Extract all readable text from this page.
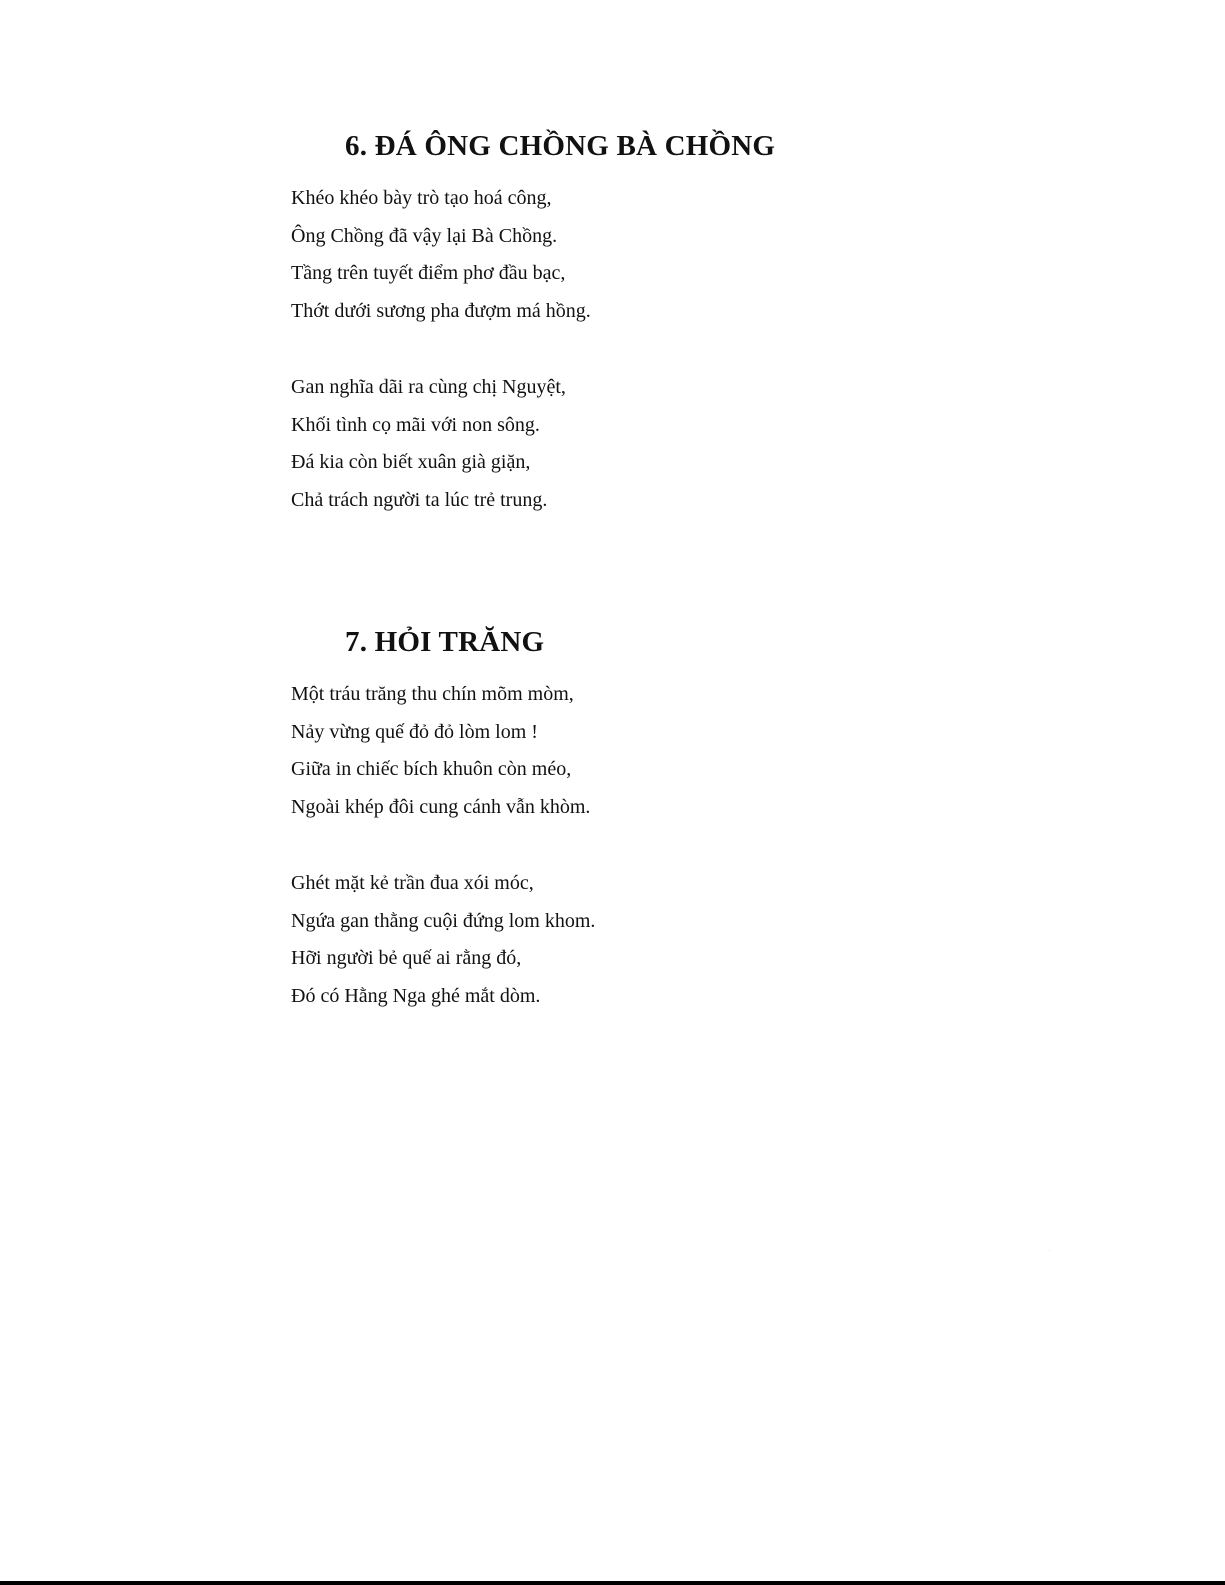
6. ĐÁ ÔNG CHỒNG BÀ CHỒNG
Khéo khéo bày trò tạo hoá công,
Ông Chồng đã vậy lại Bà Chồng.
Tầng trên tuyết điểm phơ đầu bạc,
Thớt dưới sương pha đượm má hồng.
Gan nghĩa dãi ra cùng chị Nguyệt,
Khối tình cọ mãi với non sông.
Đá kia còn biết xuân già giặn,
Chả trách người ta lúc trẻ trung.
7. HỎI TRĂNG
Một tráu trăng thu chín mõm mòm,
Nảy vừng quế đỏ đỏ lòm lom !
Giữa in chiếc bích khuôn còn méo,
Ngoài khép đôi cung cánh vẫn khòm.
Ghét mặt kẻ trần đua xói móc,
Ngứa gan thằng cuội đứng lom khom.
Hỡi người bẻ quế ai rằng đó,
Đó có Hằng Nga ghé mắt dòm.
